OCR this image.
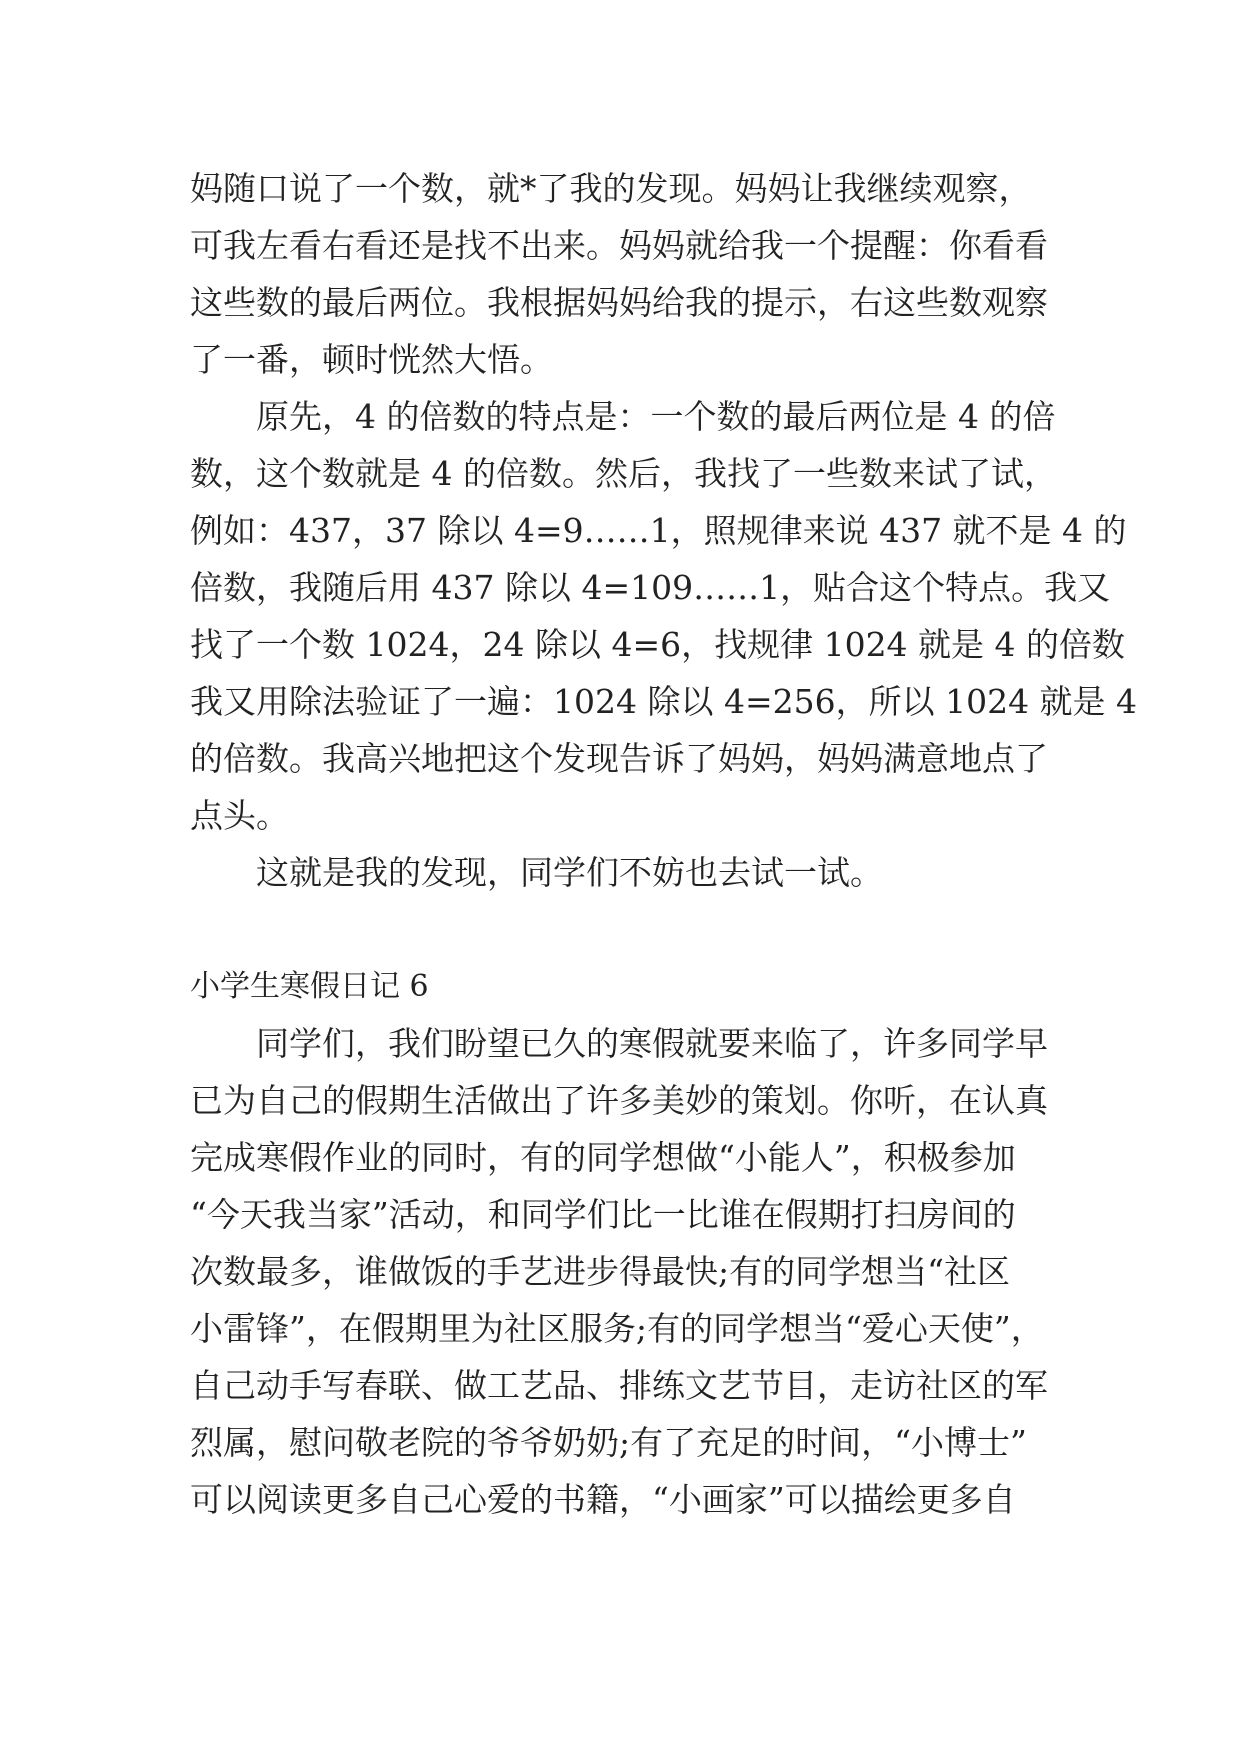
妈随口说了一个数，就*了我的发现。妈妈让我继续观察，
可我左看右看还是找不出来。妈妈就给我一个提醒：你看看
这些数的最后两位。我根据妈妈给我的提示，右这些数观察
了一番，顿时恍然大悟。
原先，4 的倍数的特点是：一个数的最后两位是 4 的倍
数，这个数就是 4 的倍数。然后，我找了一些数来试了试，
例如：437，37 除以 4=9……1，照规律来说 437 就不是 4 的
倍数，我随后用 437 除以 4=109……1，贴合这个特点。我又
找了一个数 1024，24 除以 4=6，找规律 1024 就是 4 的倍数
我又用除法验证了一遍：1024 除以 4=256，所以 1024 就是 4
的倍数。我高兴地把这个发现告诉了妈妈，妈妈满意地点了
点头。
这就是我的发现，同学们不妨也去试一试。
小学生寒假日记 6
同学们，我们盼望已久的寒假就要来临了，许多同学早
已为自己的假期生活做出了许多美妙的策划。你听，在认真
完成寒假作业的同时，有的同学想做“小能人”，积极参加
“今天我当家”活动，和同学们比一比谁在假期打扫房间的
次数最多，谁做饭的手艺进步得最快;有的同学想当“社区
小雷锋”，在假期里为社区服务;有的同学想当“爱心天使”，
自己动手写春联、做工艺品、排练文艺节目，走访社区的军
烈属，慰问敬老院的爷爷奶奶;有了充足的时间，“小博士”
可以阅读更多自己心爱的书籍，“小画家”可以描绘更多自
